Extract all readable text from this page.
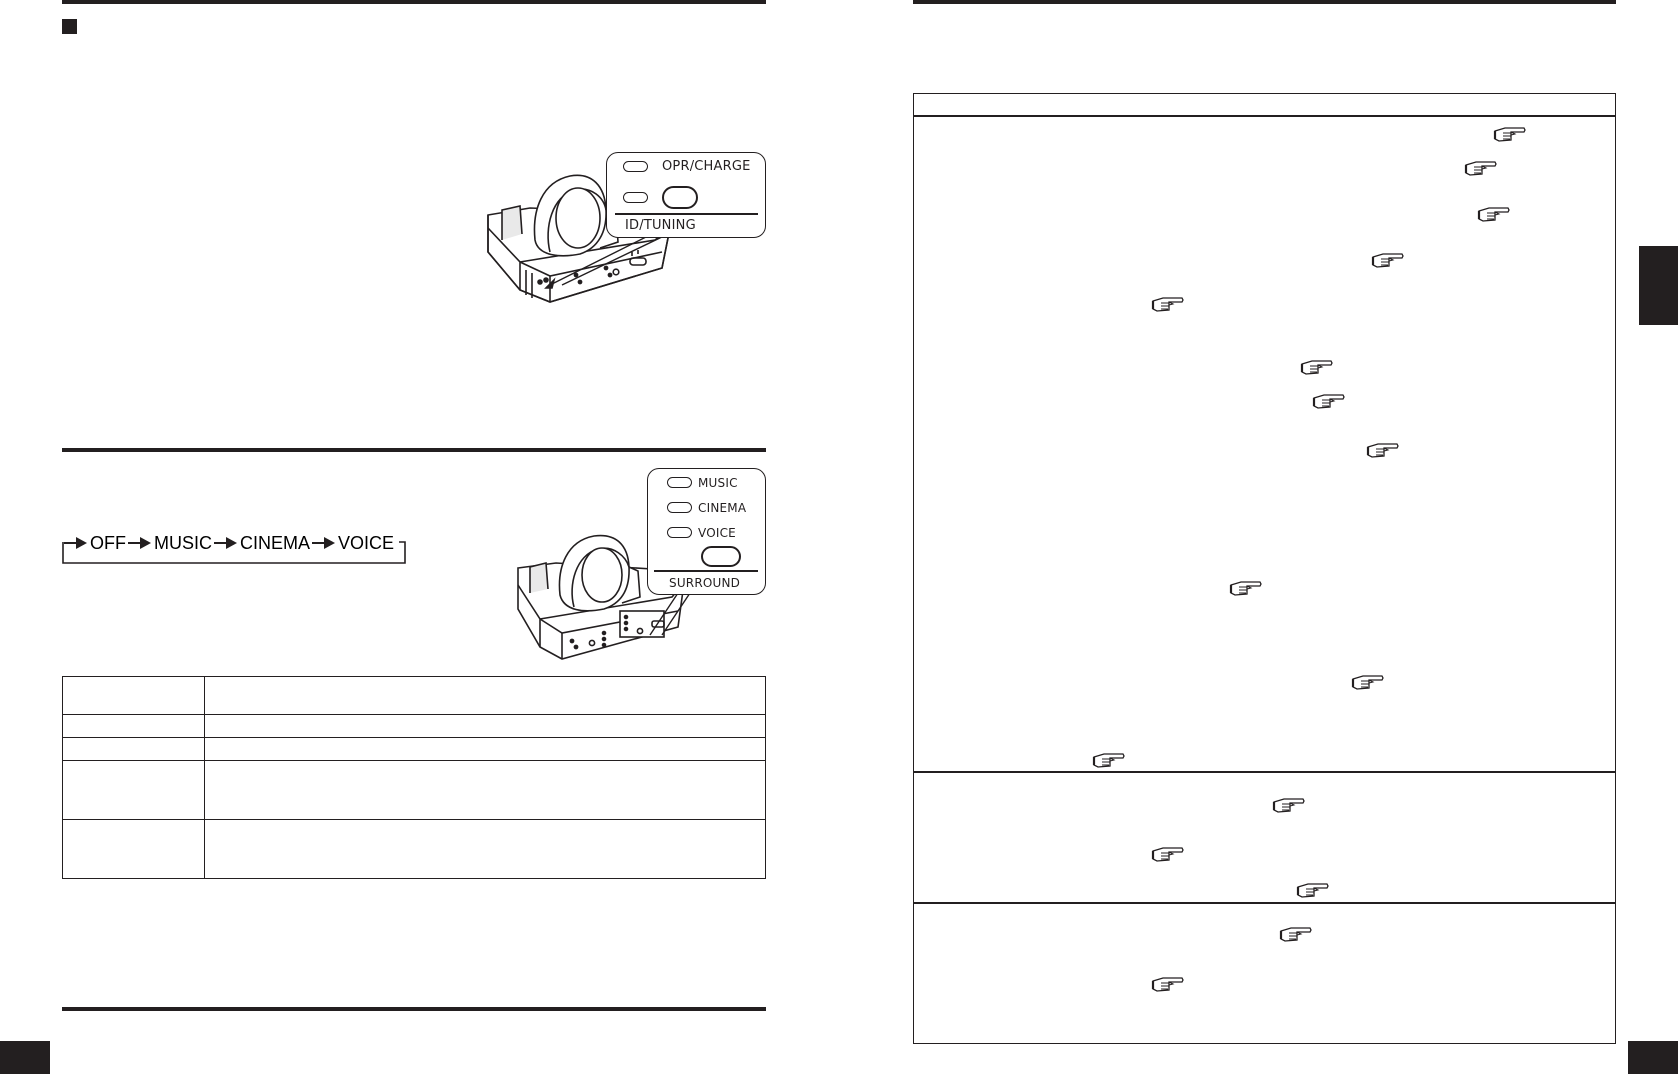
OPR/CHARGE
ID/TUNING
OFF MUSIC CINEMA VOICE
MUSIC
CINEMA
VOICE
SURROUND
